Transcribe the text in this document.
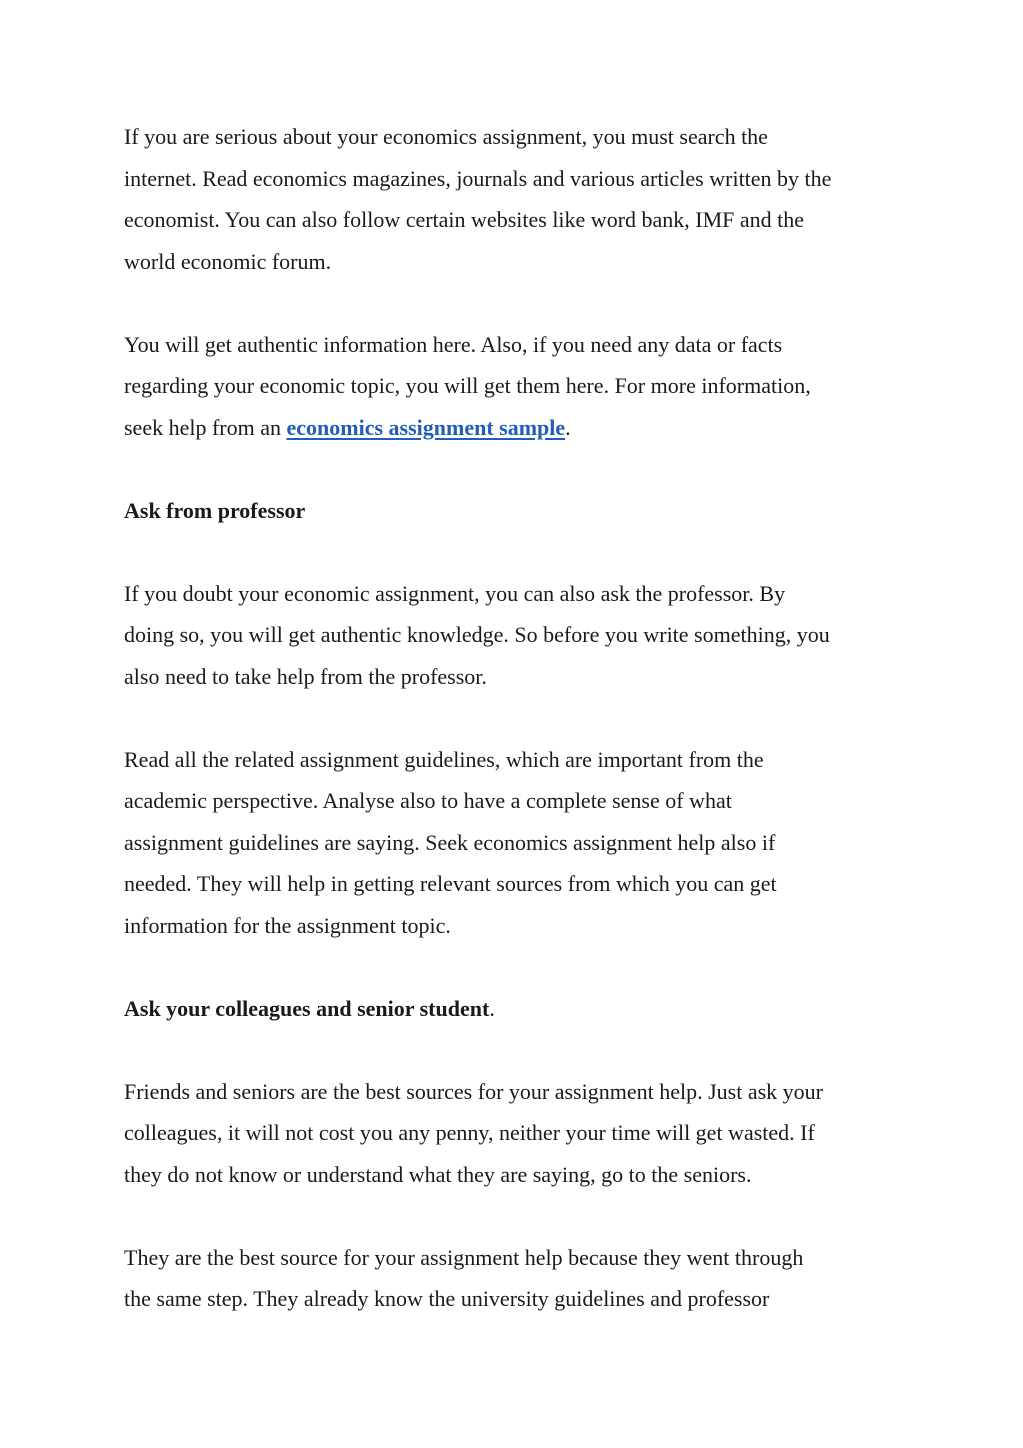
If you are serious about your economics assignment, you must search the
internet. Read economics magazines, journals and various articles written by the
economist. You can also follow certain websites like word bank, IMF and the
world economic forum.
You will get authentic information here. Also, if you need any data or facts
regarding your economic topic, you will get them here. For more information,
seek help from an economics assignment sample.
Ask from professor
If you doubt your economic assignment, you can also ask the professor. By
doing so, you will get authentic knowledge. So before you write something, you
also need to take help from the professor.
Read all the related assignment guidelines, which are important from the
academic perspective. Analyse also to have a complete sense of what
assignment guidelines are saying. Seek economics assignment help also if
needed. They will help in getting relevant sources from which you can get
information for the assignment topic.
Ask your colleagues and senior student.
Friends and seniors are the best sources for your assignment help. Just ask your
colleagues, it will not cost you any penny, neither your time will get wasted. If
they do not know or understand what they are saying, go to the seniors.
They are the best source for your assignment help because they went through
the same step. They already know the university guidelines and professor
